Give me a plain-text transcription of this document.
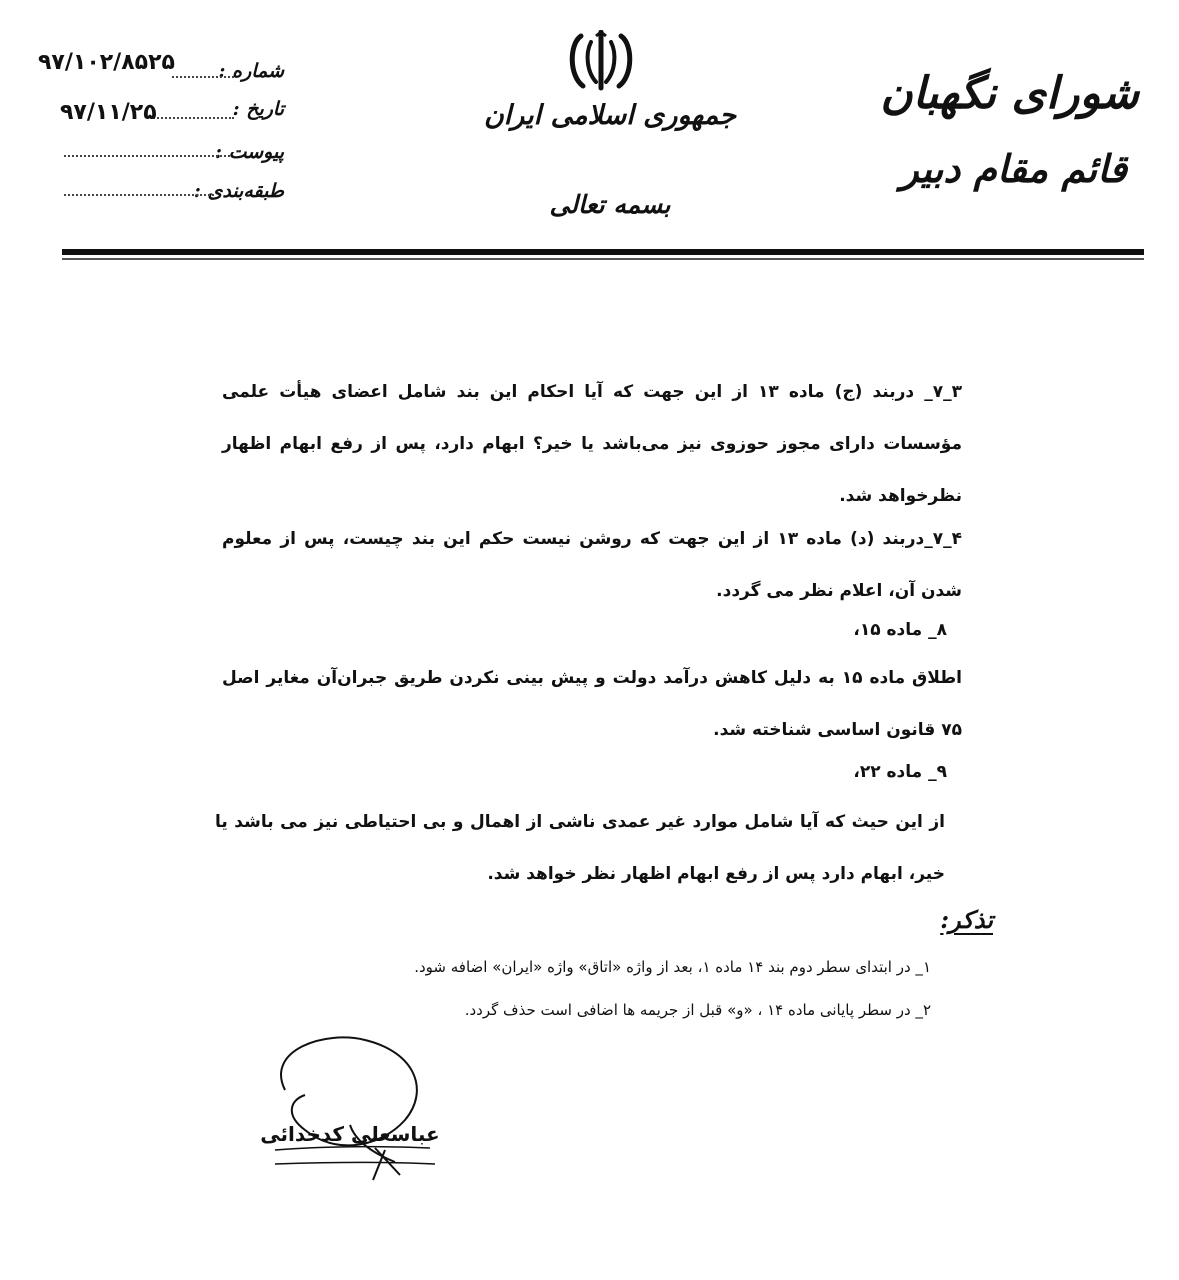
شورای نگهبان
قائم مقام دبیر
جمهوری اسلامی ایران
بسمه تعالی
شماره :
۹۷/۱۰۲/۸۵۲۵
تاریخ :
۹۷/۱۱/۲۵
پیوست :
طبقه‌بندی :
۳_۷_ دربند (ج) ماده ۱۳ از این جهت که آیا احکام این بند شامل اعضای هیأت علمی مؤسسات دارای مجوز حوزوی نیز می‌باشد یا خیر؟ ابهام دارد، پس از رفع ابهام اظهار نظرخواهد شد.
۴_۷_دربند (د) ماده ۱۳ از این جهت که روشن نیست حکم این بند چیست، پس از معلوم شدن آن، اعلام نظر می گردد.
۸_ ماده ۱۵،
اطلاق ماده ۱۵ به دلیل کاهش درآمد دولت و پیش بینی نکردن طریق جبران‌آن مغایر اصل ۷۵ قانون اساسی شناخته شد.
۹_ ماده ۲۲،
از این حیث که آیا شامل موارد غیر عمدی ناشی از اهمال و بی احتیاطی نیز می باشد یا خیر، ابهام دارد پس از رفع ابهام اظهار نظر خواهد شد.
تذکر:
۱_ در ابتدای سطر دوم بند ۱۴ ماده ۱، بعد از واژه «اتاق» واژه «ایران» اضافه شود.
۲_ در سطر پایانی ماده ۱۴ ، «و» قبل از جریمه ها اضافی است حذف گردد.
عباسعلی کدخدائی
